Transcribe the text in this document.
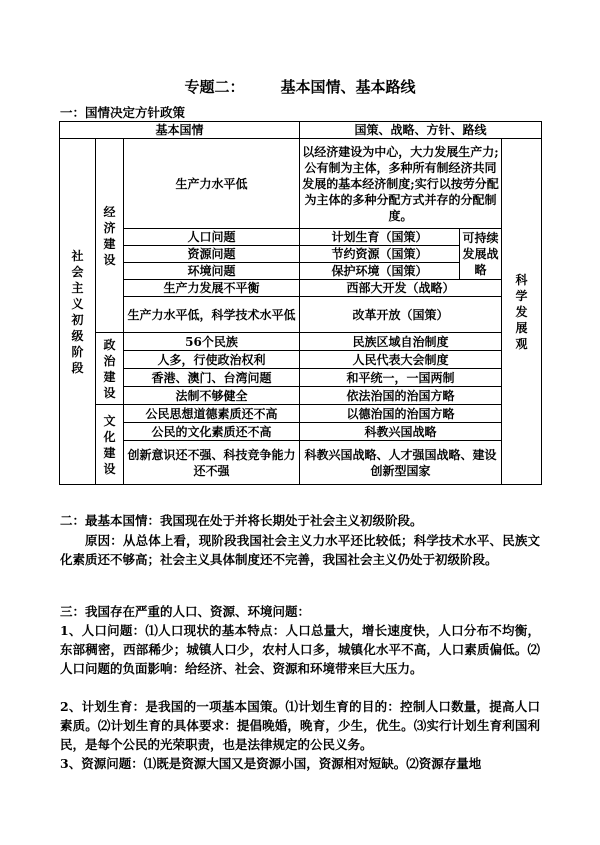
专题二： 基本国情、基本路线
一：国情决定方针政策
基本国情			国策、战略、方针、路线		
社会主义初级阶段	经济建设	生产力水平低	以经济建设为中心，大力发展生产力;公有制为主体，多种所有制经济共同发展的基本经济制度;实行以按劳分配为主体的多种分配方式并存的分配制度。		科学发展观
		人口问题	计划生育（国策）	可持续发展战略	
		资源问题	节约资源（国策）		
		环境问题	保护环境（国策）		
		生产力发展不平衡	西部大开发（战略）		
		生产力水平低，科学技术水平低	改革开放（国策）		
	政治建设	56个民族	民族区域自治制度		
		人多，行使政治权利	人民代表大会制度		
		香港、澳门、台湾问题	和平统一，一国两制		
		法制不够健全	依法治国的治国方略		
	文化建设	公民思想道德素质还不高	以德治国的治国方略		
		公民的文化素质还不高	科教兴国战略		
		创新意识还不强、科技竞争能力还不强	科教兴国战略、人才强国战略、建设创新型国家		
二：最基本国情：我国现在处于并将长期处于社会主义初级阶段。
原因：从总体上看，现阶段我国社会主义力水平还比较低；科学技术水平、民族文化素质还不够高；社会主义具体制度还不完善，我国社会主义仍处于初级阶段。
三：我国存在严重的人口、资源、环境问题：
1、人口问题：⑴人口现状的基本特点：人口总量大，增长速度快，人口分布不均衡，东部稠密，西部稀少；城镇人口少，农村人口多，城镇化水平不高，人口素质偏低。⑵人口问题的负面影响：给经济、社会、资源和环境带来巨大压力。
2、计划生育：是我国的一项基本国策。⑴计划生育的目的：控制人口数量，提高人口素质。⑵计划生育的具体要求：提倡晚婚，晚育，少生，优生。⑶实行计划生育利国利民，是每个公民的光荣职责，也是法律规定的公民义务。
3、资源问题：⑴既是资源大国又是资源小国，资源相对短缺。⑵资源存量地
